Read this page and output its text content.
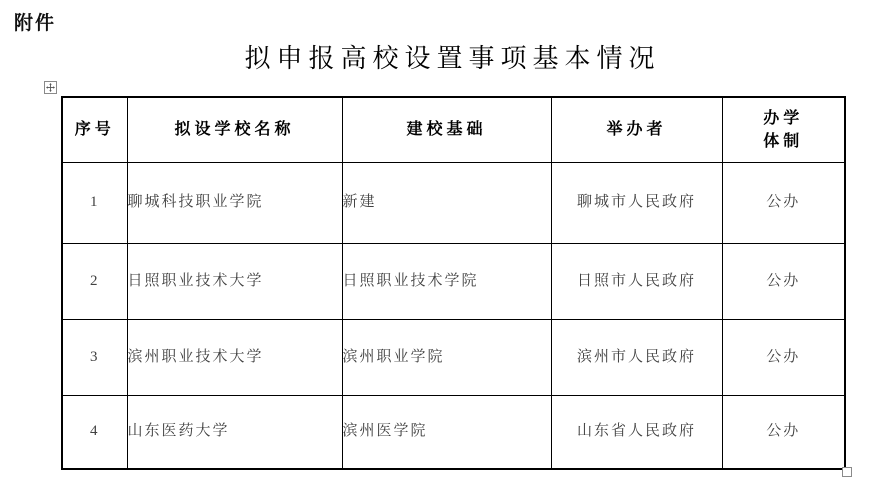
附件
拟申报高校设置事项基本情况
序号	拟设学校名称	建校基础	举办者	办学体制
1	聊城科技职业学院	新建	聊城市人民政府	公办
2	日照职业技术大学	日照职业技术学院	日照市人民政府	公办
3	滨州职业技术大学	滨州职业学院	滨州市人民政府	公办
4	山东医药大学	滨州医学院	山东省人民政府	公办
